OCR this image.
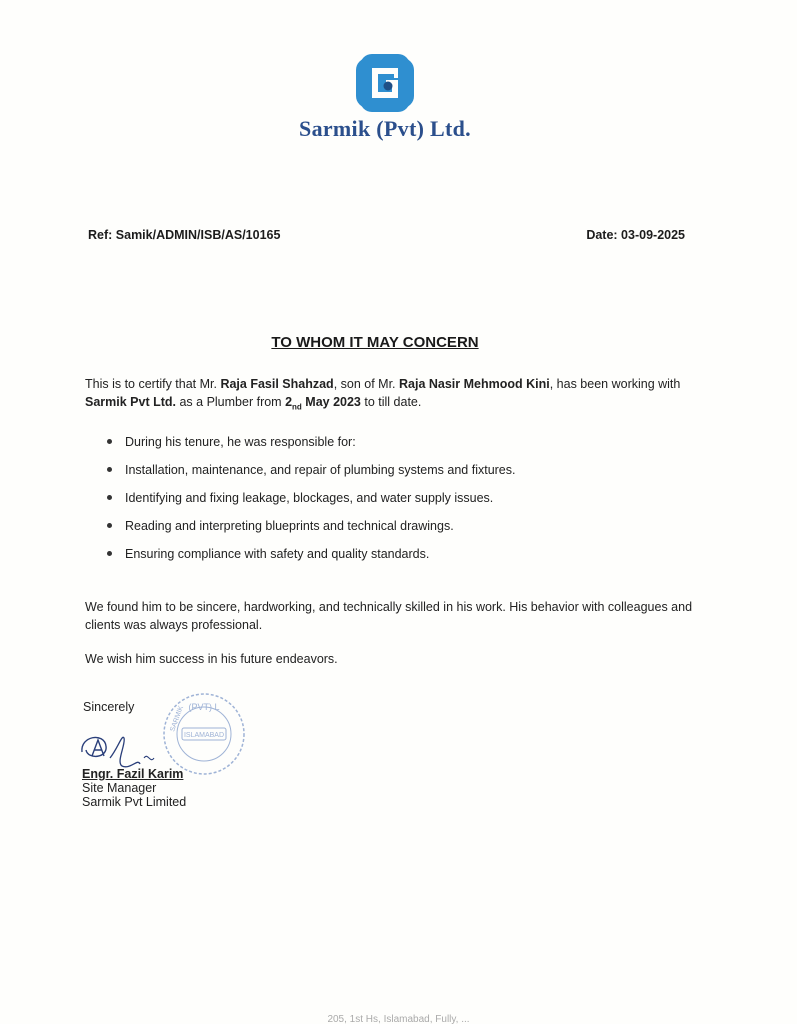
Sarmik (Pvt) Ltd.
Ref: Samik/ADMIN/ISB/AS/10165	Date: 03-09-2025
TO WHOM IT MAY CONCERN
This is to certify that Mr. Raja Fasil Shahzad, son of Mr. Raja Nasir Mehmood Kini, has been working with Sarmik Pvt Ltd. as a Plumber from $2_{nd}$ May 2023 to till date.
During his tenure, he was responsible for:
Installation, maintenance, and repair of plumbing systems and fixtures.
Identifying and fixing leakage, blockages, and water supply issues.
Reading and interpreting blueprints and technical drawings.
Ensuring compliance with safety and quality standards.
We found him to be sincere, hardworking, and technically skilled in his work. His behavior with colleagues and clients was always professional.
We wish him success in his future endeavors.
Sincerely	(PVT) L
SARMIK
ISLAMABAD
Engr. Fazil Karim
Site Manager
Sarmik Pvt Limited
205, 1st Hs, Islamabad, Fully, ...
